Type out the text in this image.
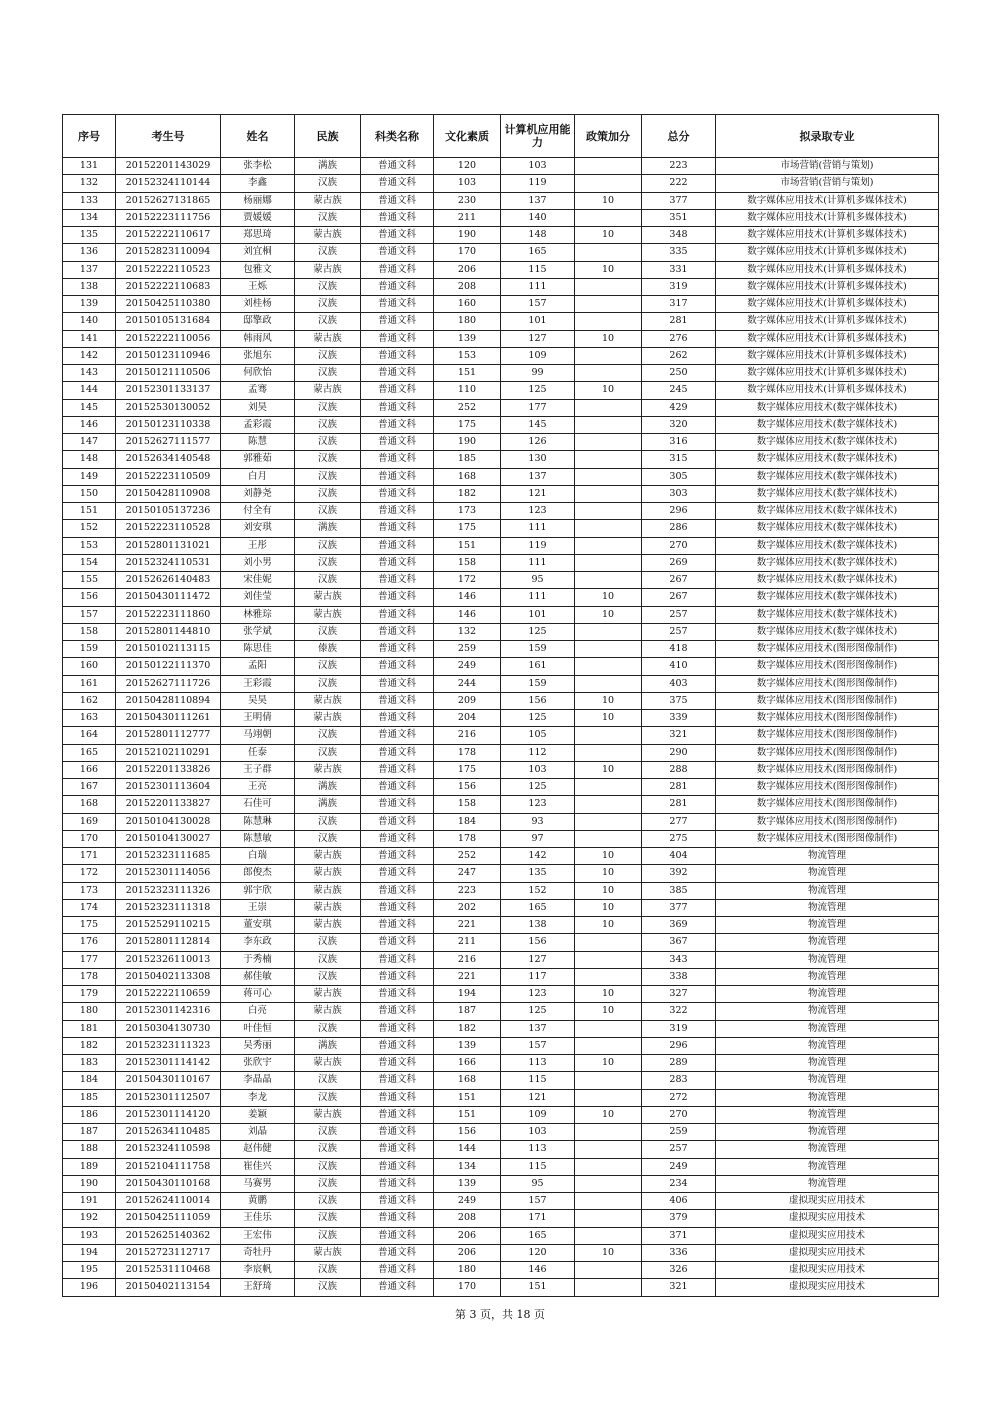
序号	考生号	姓名	民族	科类名称	文化素质	计算机应用能力	政策加分	总分	拟录取专业
131	20152201143029	张李松	满族	普通文科	120	103		223	市场营销(营销与策划)
132	20152324110144	李鑫	汉族	普通文科	103	119		222	市场营销(营销与策划)
133	20152627131865	杨丽娜	蒙古族	普通文科	230	137	10	377	数字媒体应用技术(计算机多媒体技术)
134	20152223111756	贾媛媛	汉族	普通文科	211	140		351	数字媒体应用技术(计算机多媒体技术)
135	20152222110617	郑思琦	蒙古族	普通文科	190	148	10	348	数字媒体应用技术(计算机多媒体技术)
136	20152823110094	刘宜桐	汉族	普通文科	170	165		335	数字媒体应用技术(计算机多媒体技术)
137	20152222110523	包雅文	蒙古族	普通文科	206	115	10	331	数字媒体应用技术(计算机多媒体技术)
138	20152222110683	王烁	汉族	普通文科	208	111		319	数字媒体应用技术(计算机多媒体技术)
139	20150425110380	刘桂杨	汉族	普通文科	160	157		317	数字媒体应用技术(计算机多媒体技术)
140	20150105131684	邸擎政	汉族	普通文科	180	101		281	数字媒体应用技术(计算机多媒体技术)
141	20152222110056	韩雨风	蒙古族	普通文科	139	127	10	276	数字媒体应用技术(计算机多媒体技术)
142	20150123110946	张旭东	汉族	普通文科	153	109		262	数字媒体应用技术(计算机多媒体技术)
143	20150121110506	何欣怡	汉族	普通文科	151	99		250	数字媒体应用技术(计算机多媒体技术)
144	20152301133137	孟骞	蒙古族	普通文科	110	125	10	245	数字媒体应用技术(计算机多媒体技术)
145	20152530130052	刘昊	汉族	普通文科	252	177		429	数字媒体应用技术(数字媒体技术)
146	20150123110338	孟彩霞	汉族	普通文科	175	145		320	数字媒体应用技术(数字媒体技术)
147	20152627111577	陈慧	汉族	普通文科	190	126		316	数字媒体应用技术(数字媒体技术)
148	20152634140548	郭雅茹	汉族	普通文科	185	130		315	数字媒体应用技术(数字媒体技术)
149	20152223110509	白月	汉族	普通文科	168	137		305	数字媒体应用技术(数字媒体技术)
150	20150428110908	刘静尧	汉族	普通文科	182	121		303	数字媒体应用技术(数字媒体技术)
151	20150105137236	付全有	汉族	普通文科	173	123		296	数字媒体应用技术(数字媒体技术)
152	20152223110528	刘安琪	满族	普通文科	175	111		286	数字媒体应用技术(数字媒体技术)
153	20152801131021	王彤	汉族	普通文科	151	119		270	数字媒体应用技术(数字媒体技术)
154	20152324110531	刘小男	汉族	普通文科	158	111		269	数字媒体应用技术(数字媒体技术)
155	20152626140483	宋佳妮	汉族	普通文科	172	95		267	数字媒体应用技术(数字媒体技术)
156	20150430111472	刘佳莹	蒙古族	普通文科	146	111	10	267	数字媒体应用技术(数字媒体技术)
157	20152223111860	林雅琮	蒙古族	普通文科	146	101	10	257	数字媒体应用技术(数字媒体技术)
158	20152801144810	张学斌	汉族	普通文科	132	125		257	数字媒体应用技术(数字媒体技术)
159	20150102113115	陈思佳	傣族	普通文科	259	159		418	数字媒体应用技术(图形图像制作)
160	20150122111370	孟阳	汉族	普通文科	249	161		410	数字媒体应用技术(图形图像制作)
161	20152627111726	王彩霞	汉族	普通文科	244	159		403	数字媒体应用技术(图形图像制作)
162	20150428110894	吴昊	蒙古族	普通文科	209	156	10	375	数字媒体应用技术(图形图像制作)
163	20150430111261	王明倩	蒙古族	普通文科	204	125	10	339	数字媒体应用技术(图形图像制作)
164	20152801112777	马翊朝	汉族	普通文科	216	105		321	数字媒体应用技术(图形图像制作)
165	20152102110291	任泰	汉族	普通文科	178	112		290	数字媒体应用技术(图形图像制作)
166	20152201133826	王子群	蒙古族	普通文科	175	103	10	288	数字媒体应用技术(图形图像制作)
167	20152301113604	王亮	满族	普通文科	156	125		281	数字媒体应用技术(图形图像制作)
168	20152201133827	石佳可	满族	普通文科	158	123		281	数字媒体应用技术(图形图像制作)
169	20150104130028	陈慧琳	汉族	普通文科	184	93		277	数字媒体应用技术(图形图像制作)
170	20150104130027	陈慧敏	汉族	普通文科	178	97		275	数字媒体应用技术(图形图像制作)
171	20152323111685	白瑞	蒙古族	普通文科	252	142	10	404	物流管理
172	20152301114056	郎俊杰	蒙古族	普通文科	247	135	10	392	物流管理
173	20152323111326	郭宇欣	蒙古族	普通文科	223	152	10	385	物流管理
174	20152323111318	王崇	蒙古族	普通文科	202	165	10	377	物流管理
175	20152529110215	董安琪	蒙古族	普通文科	221	138	10	369	物流管理
176	20152801112814	李东政	汉族	普通文科	211	156		367	物流管理
177	20152326110013	于秀楠	汉族	普通文科	216	127		343	物流管理
178	20150402113308	郝佳敏	汉族	普通文科	221	117		338	物流管理
179	20152222110659	蒋可心	蒙古族	普通文科	194	123	10	327	物流管理
180	20152301142316	白亮	蒙古族	普通文科	187	125	10	322	物流管理
181	20150304130730	叶佳恒	汉族	普通文科	182	137		319	物流管理
182	20152323111323	吴秀丽	满族	普通文科	139	157		296	物流管理
183	20152301114142	张欣宇	蒙古族	普通文科	166	113	10	289	物流管理
184	20150430110167	李晶晶	汉族	普通文科	168	115		283	物流管理
185	20152301112507	李龙	汉族	普通文科	151	121		272	物流管理
186	20152301114120	姜颖	蒙古族	普通文科	151	109	10	270	物流管理
187	20152634110485	刘晶	汉族	普通文科	156	103		259	物流管理
188	20152324110598	赵伟健	汉族	普通文科	144	113		257	物流管理
189	20152104111758	崔佳兴	汉族	普通文科	134	115		249	物流管理
190	20150430110168	马赛男	汉族	普通文科	139	95		234	物流管理
191	20152624110014	黄鹏	汉族	普通文科	249	157		406	虚拟现实应用技术
192	20150425111059	王佳乐	汉族	普通文科	208	171		379	虚拟现实应用技术
193	20152625140362	王宏伟	汉族	普通文科	206	165		371	虚拟现实应用技术
194	20152723112717	奇牡丹	蒙古族	普通文科	206	120	10	336	虚拟现实应用技术
195	20152531110468	李宸帆	汉族	普通文科	180	146		326	虚拟现实应用技术
196	20150402113154	王舒琦	汉族	普通文科	170	151		321	虚拟现实应用技术
第 3 页，共 18 页
